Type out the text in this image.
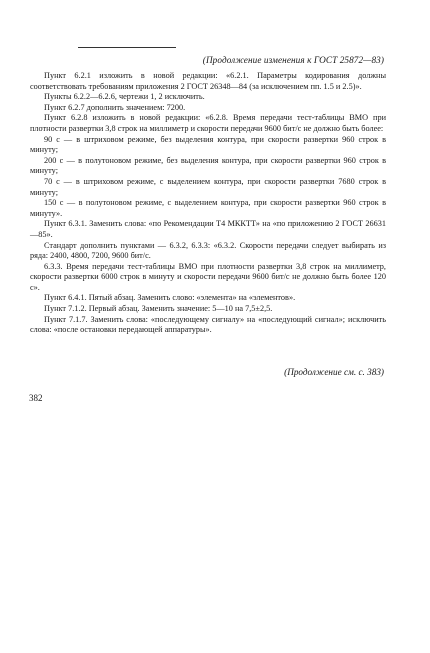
(Продолжение изменения к ГОСТ 25872—83)

Пункт 6.2.1 изложить в новой редакции: «6.2.1. Параметры кодирования должны соответствовать требованиям приложения 2 ГОСТ 26348—84 (за исключением пп. 1.5 и 2.5)».

Пункты 6.2.2—6.2.6, чертежи 1, 2 исключить.

Пункт 6.2.7 дополнить значением: 7200.

Пункт 6.2.8 изложить в новой редакции: «6.2.8. Время передачи тест-таблицы ВМО при плотности развертки 3,8 строк на миллиметр и скорости передачи 9600 бит/с не должно быть более:

90 с — в штриховом режиме, без выделения контура, при скорости развертки 960 строк в минуту;

200 с — в полутоновом режиме, без выделения контура, при скорости развертки 960 строк в минуту;

70 с — в штриховом режиме, с выделением контура, при скорости развертки 7680 строк в минуту;

150 с — в полутоновом режиме, с выделением контура, при скорости развертки 960 строк в минуту».

Пункт 6.3.1. Заменить слова: «по Рекомендации Т4 МККТТ» на «по приложению 2 ГОСТ 26631—85».

Стандарт дополнить пунктами — 6.3.2, 6.3.3: «6.3.2. Скорости передачи следует выбирать из ряда: 2400, 4800, 7200, 9600 бит/с.

6.3.3. Время передачи тест-таблицы ВМО при плотности развертки 3,8 строк на миллиметр, скорости развертки 6000 строк в минуту и скорости передачи 9600 бит/с не должно быть более 120 с».

Пункт 6.4.1. Пятый абзац. Заменить слово: «элемента» на «элементов».

Пункт 7.1.2. Первый абзац. Заменить значение: 5—10 на 7,5±2,5.

Пункт 7.1.7. Заменить слова: «последующему сигналу» на «последующий сигнал»; исключить слова: «после остановки передающей аппаратуры».

(Продолжение см. с. 383)
382
